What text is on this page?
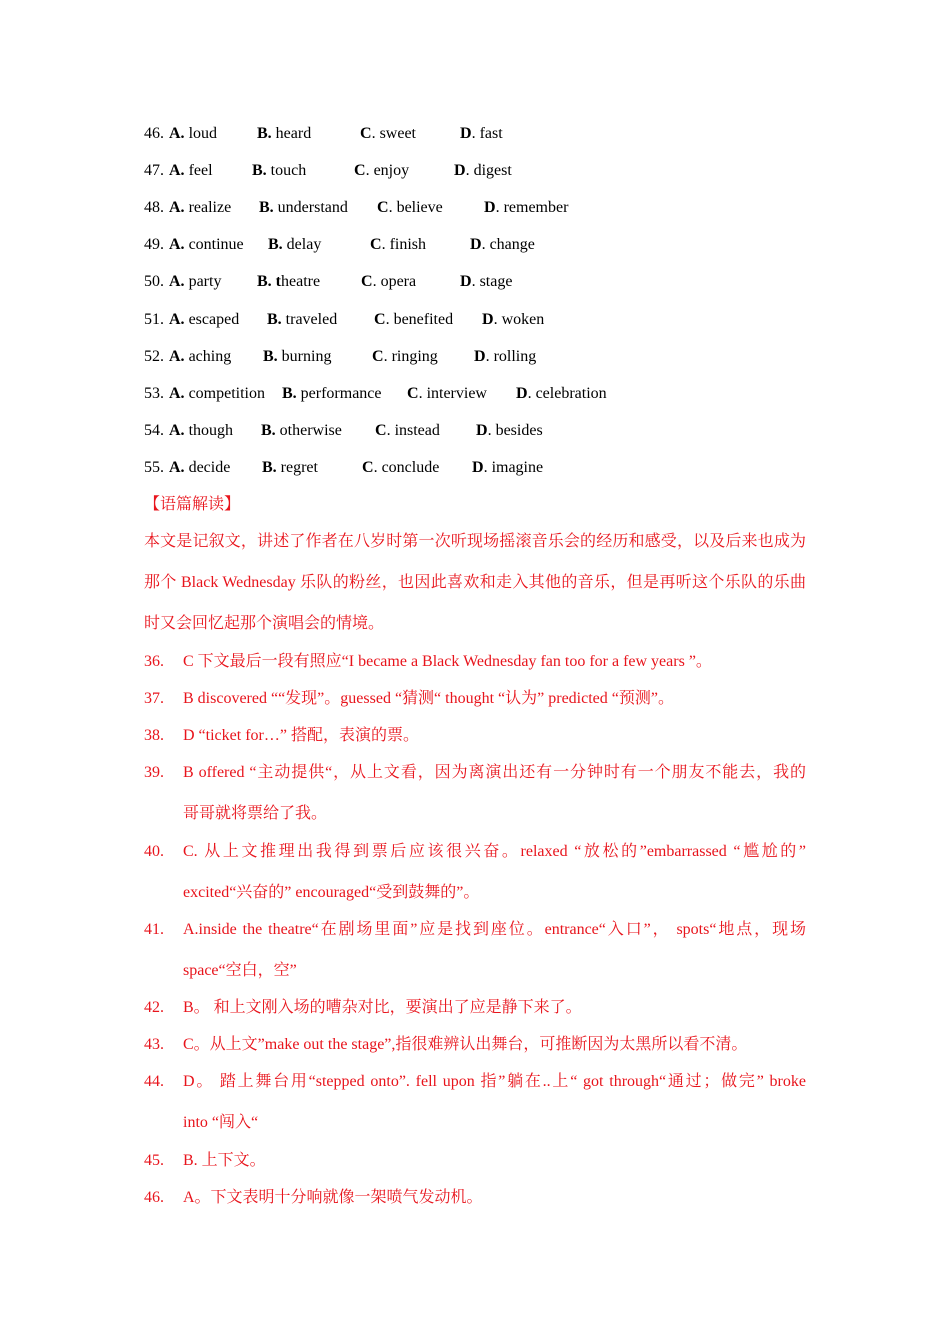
46. A. loud B. heard	C. sweet	D. fast
47. A. feel B. touch	C. enjoy	D. digest
48. A. realize B. understand C. believe	D. remember
49. A. continue B. delay	C. finish	D. change
50. A. party B. theatre	C. opera	D. stage
51. A. escaped B. traveled C. benefited D. woken
52. A. aching B. burning	C. ringing D. rolling
53. A. competition B. performance C. interview D. celebration
54. A. though B. otherwise C. instead D. besides
55. A. decide B. regret	C. conclude D. imagine
【语篇解读】
本文是记叙文，讲述了作者在八岁时第一次听现场摇滚音乐会的经历和感受，以及后来也成为那个 Black Wednesday 乐队的粉丝，也因此喜欢和走入其他的音乐，但是再听这个乐队的乐曲时又会回忆起那个演唱会的情境。
36. C 下文最后一段有照应“I became a Black Wednesday fan too for a few years ”。
37. B discovered ““发现”。guessed “猜测“ thought “认为” predicted “预测”。
38. D “ticket for…” 搭配，表演的票。
39. B offered “主动提供“，从上文看，因为离演出还有一分钟时有一个朋友不能去，我的
哥哥就将票给了我。
40. C. 从上文推理出我得到票后应该很兴奋。relaxed “放松的”embarrassed “尴尬的”
excited“兴奋的” encouraged“受到鼓舞的”。
41. A.inside the theatre“在剧场里面”应是找到座位。entrance“入口”， spots“地点，现场
space“空白，空”
42. B。 和上文刚入场的嘈杂对比，要演出了应是静下来了。
43. C。从上文”make out the stage”,指很难辨认出舞台，可推断因为太黑所以看不清。
44. D。 踏上舞台用“stepped onto”. fell upon 指”躺在..上“ got through“通过；做完” broke
into “闯入“
45. B. 上下文。
46. A。下文表明十分响就像一架喷气发动机。
